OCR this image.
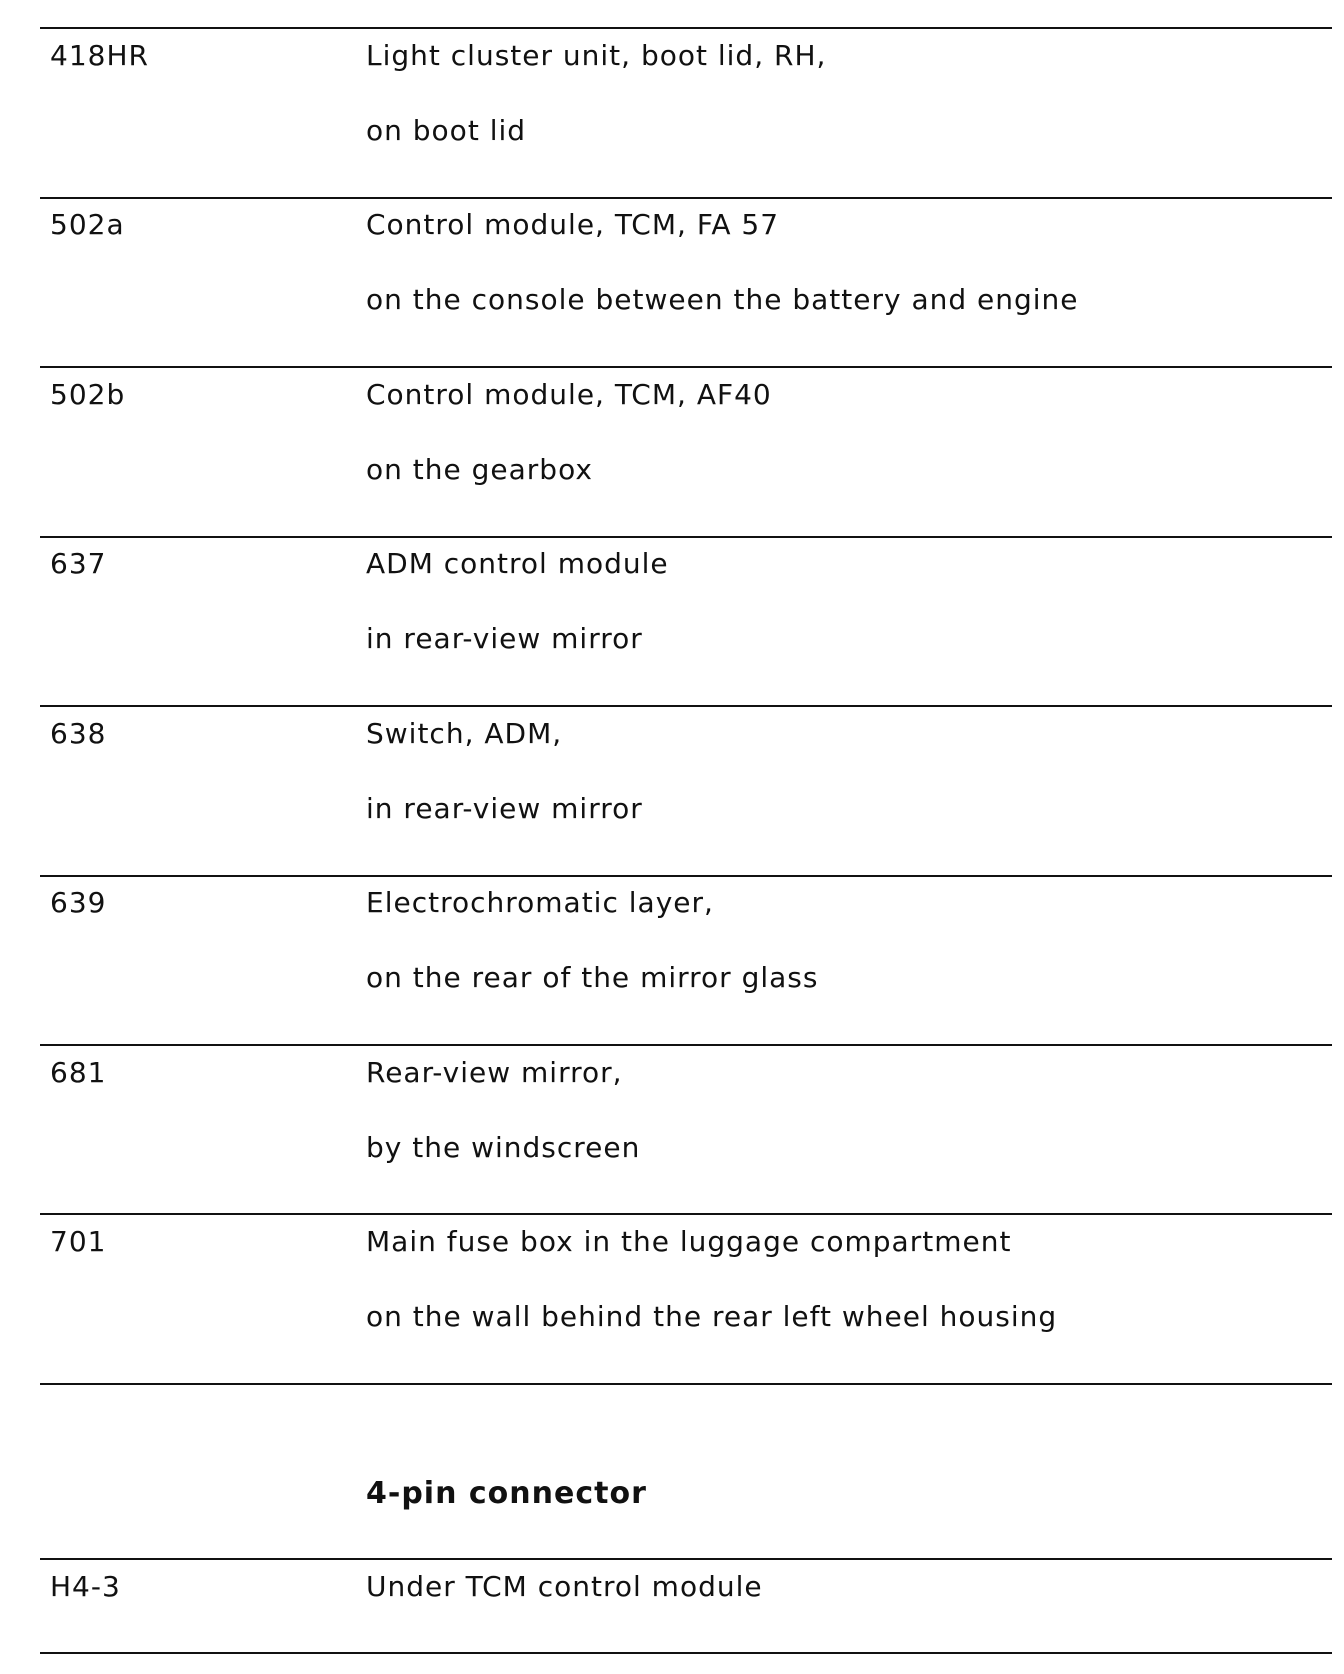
418HR	Light cluster unit, boot lid, RH,
on boot lid
502a	Control module, TCM, FA 57
on the console between the battery and engine
502b	Control module, TCM, AF40
on the gearbox
637	ADM control module
in rear-view mirror
638	Switch, ADM,
in rear-view mirror
639	Electrochromatic layer,
on the rear of the mirror glass
681	Rear-view mirror,
by the windscreen
701	Main fuse box in the luggage compartment
on the wall behind the rear left wheel housing
4-pin connector
H4-3	Under TCM control module
